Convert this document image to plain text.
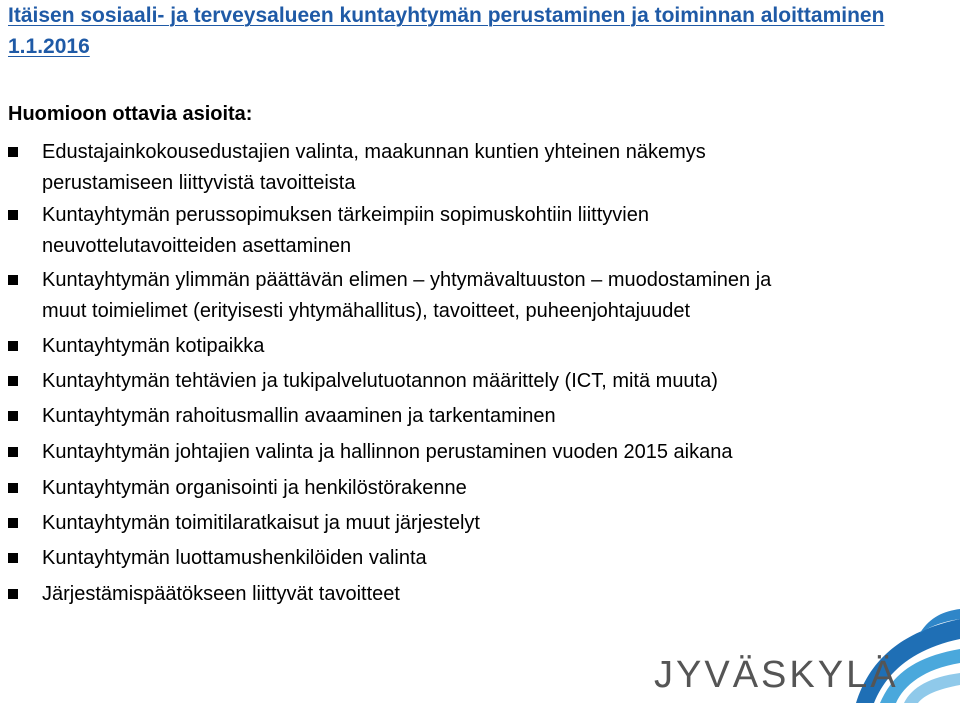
Itäisen sosiaali- ja terveysalueen kuntayhtymän perustaminen ja toiminnan aloittaminen 1.1.2016
Huomioon ottavia asioita:
Edustajainkokousedustajien valinta, maakunnan kuntien yhteinen näkemys
perustamiseen liittyvistä tavoitteista
Kuntayhtymän perussopimuksen tärkeimpiin sopimuskohtiin liittyvien
neuvottelutavoitteiden asettaminen
Kuntayhtymän ylimmän päättävän elimen – yhtymävaltuuston – muodostaminen ja
muut toimielimet (erityisesti yhtymähallitus), tavoitteet, puheenjohtajuudet
Kuntayhtymän kotipaikka
Kuntayhtymän tehtävien ja tukipalvelutuotannon määrittely (ICT, mitä muuta)
Kuntayhtymän rahoitusmallin avaaminen ja tarkentaminen
Kuntayhtymän johtajien valinta ja hallinnon perustaminen vuoden 2015 aikana
Kuntayhtymän organisointi ja henkilöstörakenne
Kuntayhtymän toimitilaratkaisut ja muut järjestelyt
Kuntayhtymän luottamushenkilöiden valinta
Järjestämispäätökseen liittyvät tavoitteet
JYVÄSKYLÄ
